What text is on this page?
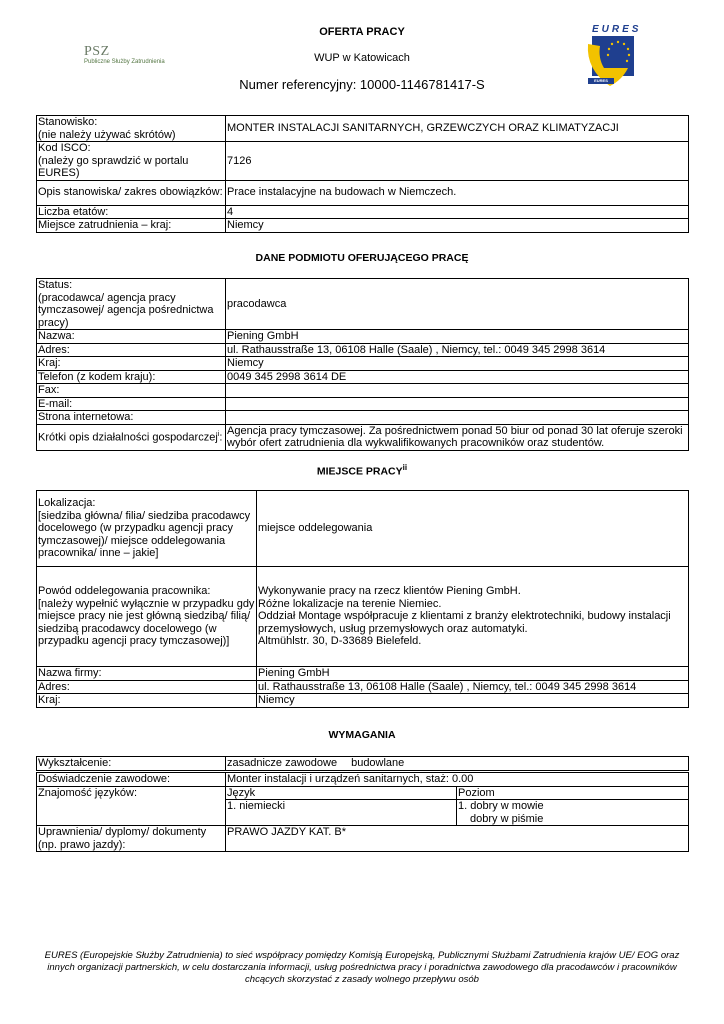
OFERTA PRACY
WUP w Katowicach
Numer referencyjny: 10000-1146781417-S
PSZ
Publiczne Służby Zatrudnienia
EURES
EURES
Stanowisko:
(nie należy używać skrótów)	MONTER INSTALACJI SANITARNYCH, GRZEWCZYCH ORAZ KLIMATYZACJI
Kod ISCO:
(należy go sprawdzić w portalu EURES)	7126
Opis stanowiska/ zakres obowiązków:	Prace instalacyjne na budowach w Niemczech.
Liczba etatów:	4
Miejsce zatrudnienia – kraj:	Niemcy
DANE PODMIOTU OFERUJĄCEGO PRACĘ
Status:
(pracodawca/ agencja pracy tymczasowej/ agencja pośrednictwa pracy)	pracodawca
Nazwa:	Piening GmbH
Adres:	ul. Rathausstraße 13, 06108 Halle (Saale) , Niemcy, tel.: 0049 345 2998 3614
Kraj:	Niemcy
Telefon (z kodem kraju):	0049 345 2998 3614 DE
Fax:	
E-mail:	
Strona internetowa:	
Krótki opis działalności gospodarczej$^i$:	Agencja pracy tymczasowej. Za pośrednictwem ponad 50 biur od ponad 30 lat oferuje szeroki wybór ofert zatrudnienia dla wykwalifikowanych pracowników oraz studentów.
MIEJSCE PRACY$^{ii}$
Lokalizacja:
[siedziba główna/ filia/ siedziba pracodawcy docelowego (w przypadku agencji pracy tymczasowej)/ miejsce oddelegowania pracownika/ inne – jakie]	miejsce oddelegowania
Powód oddelegowania pracownika:
[należy wypełnić wyłącznie w przypadku gdy miejsce pracy nie jest główną siedzibą/ filią/ siedzibą pracodawcy docelowego (w przypadku agencji pracy tymczasowej)]	Wykonywanie pracy na rzecz klientów Piening GmbH.
Różne lokalizacje na terenie Niemiec.
Oddział Montage współpracuje z klientami z branży elektrotechniki, budowy instalacji przemysłowych, usług przemysłowych oraz automatyki.
Altmühlstr. 30, D-33689 Bielefeld.
Nazwa firmy:	Piening GmbH
Adres:	ul. Rathausstraße 13, 06108 Halle (Saale) , Niemcy, tel.: 0049 345 2998 3614
Kraj:	Niemcy
WYMAGANIA
Wykształcenie:	zasadnicze zawodowe budowlane
Doświadczenie zawodowe:	Monter instalacji i urządzeń sanitarnych, staż: 0.00	
Znajomość języków:	Język	Poziom
	1. niemiecki	1. dobry w mowie
dobry w piśmie

Uprawnienia/ dyplomy/ dokumenty (np. prawo jazdy):	PRAWO JAZDY KAT. B*	
EURES (Europejskie Służby Zatrudnienia) to sieć współpracy pomiędzy Komisją Europejską, Publicznymi Służbami Zatrudnienia krajów UE/ EOG oraz innych organizacji partnerskich, w celu dostarczania informacji, usług pośrednictwa pracy i poradnictwa zawodowego dla pracodawców i pracowników chcących skorzystać z zasady wolnego przepływu osób
